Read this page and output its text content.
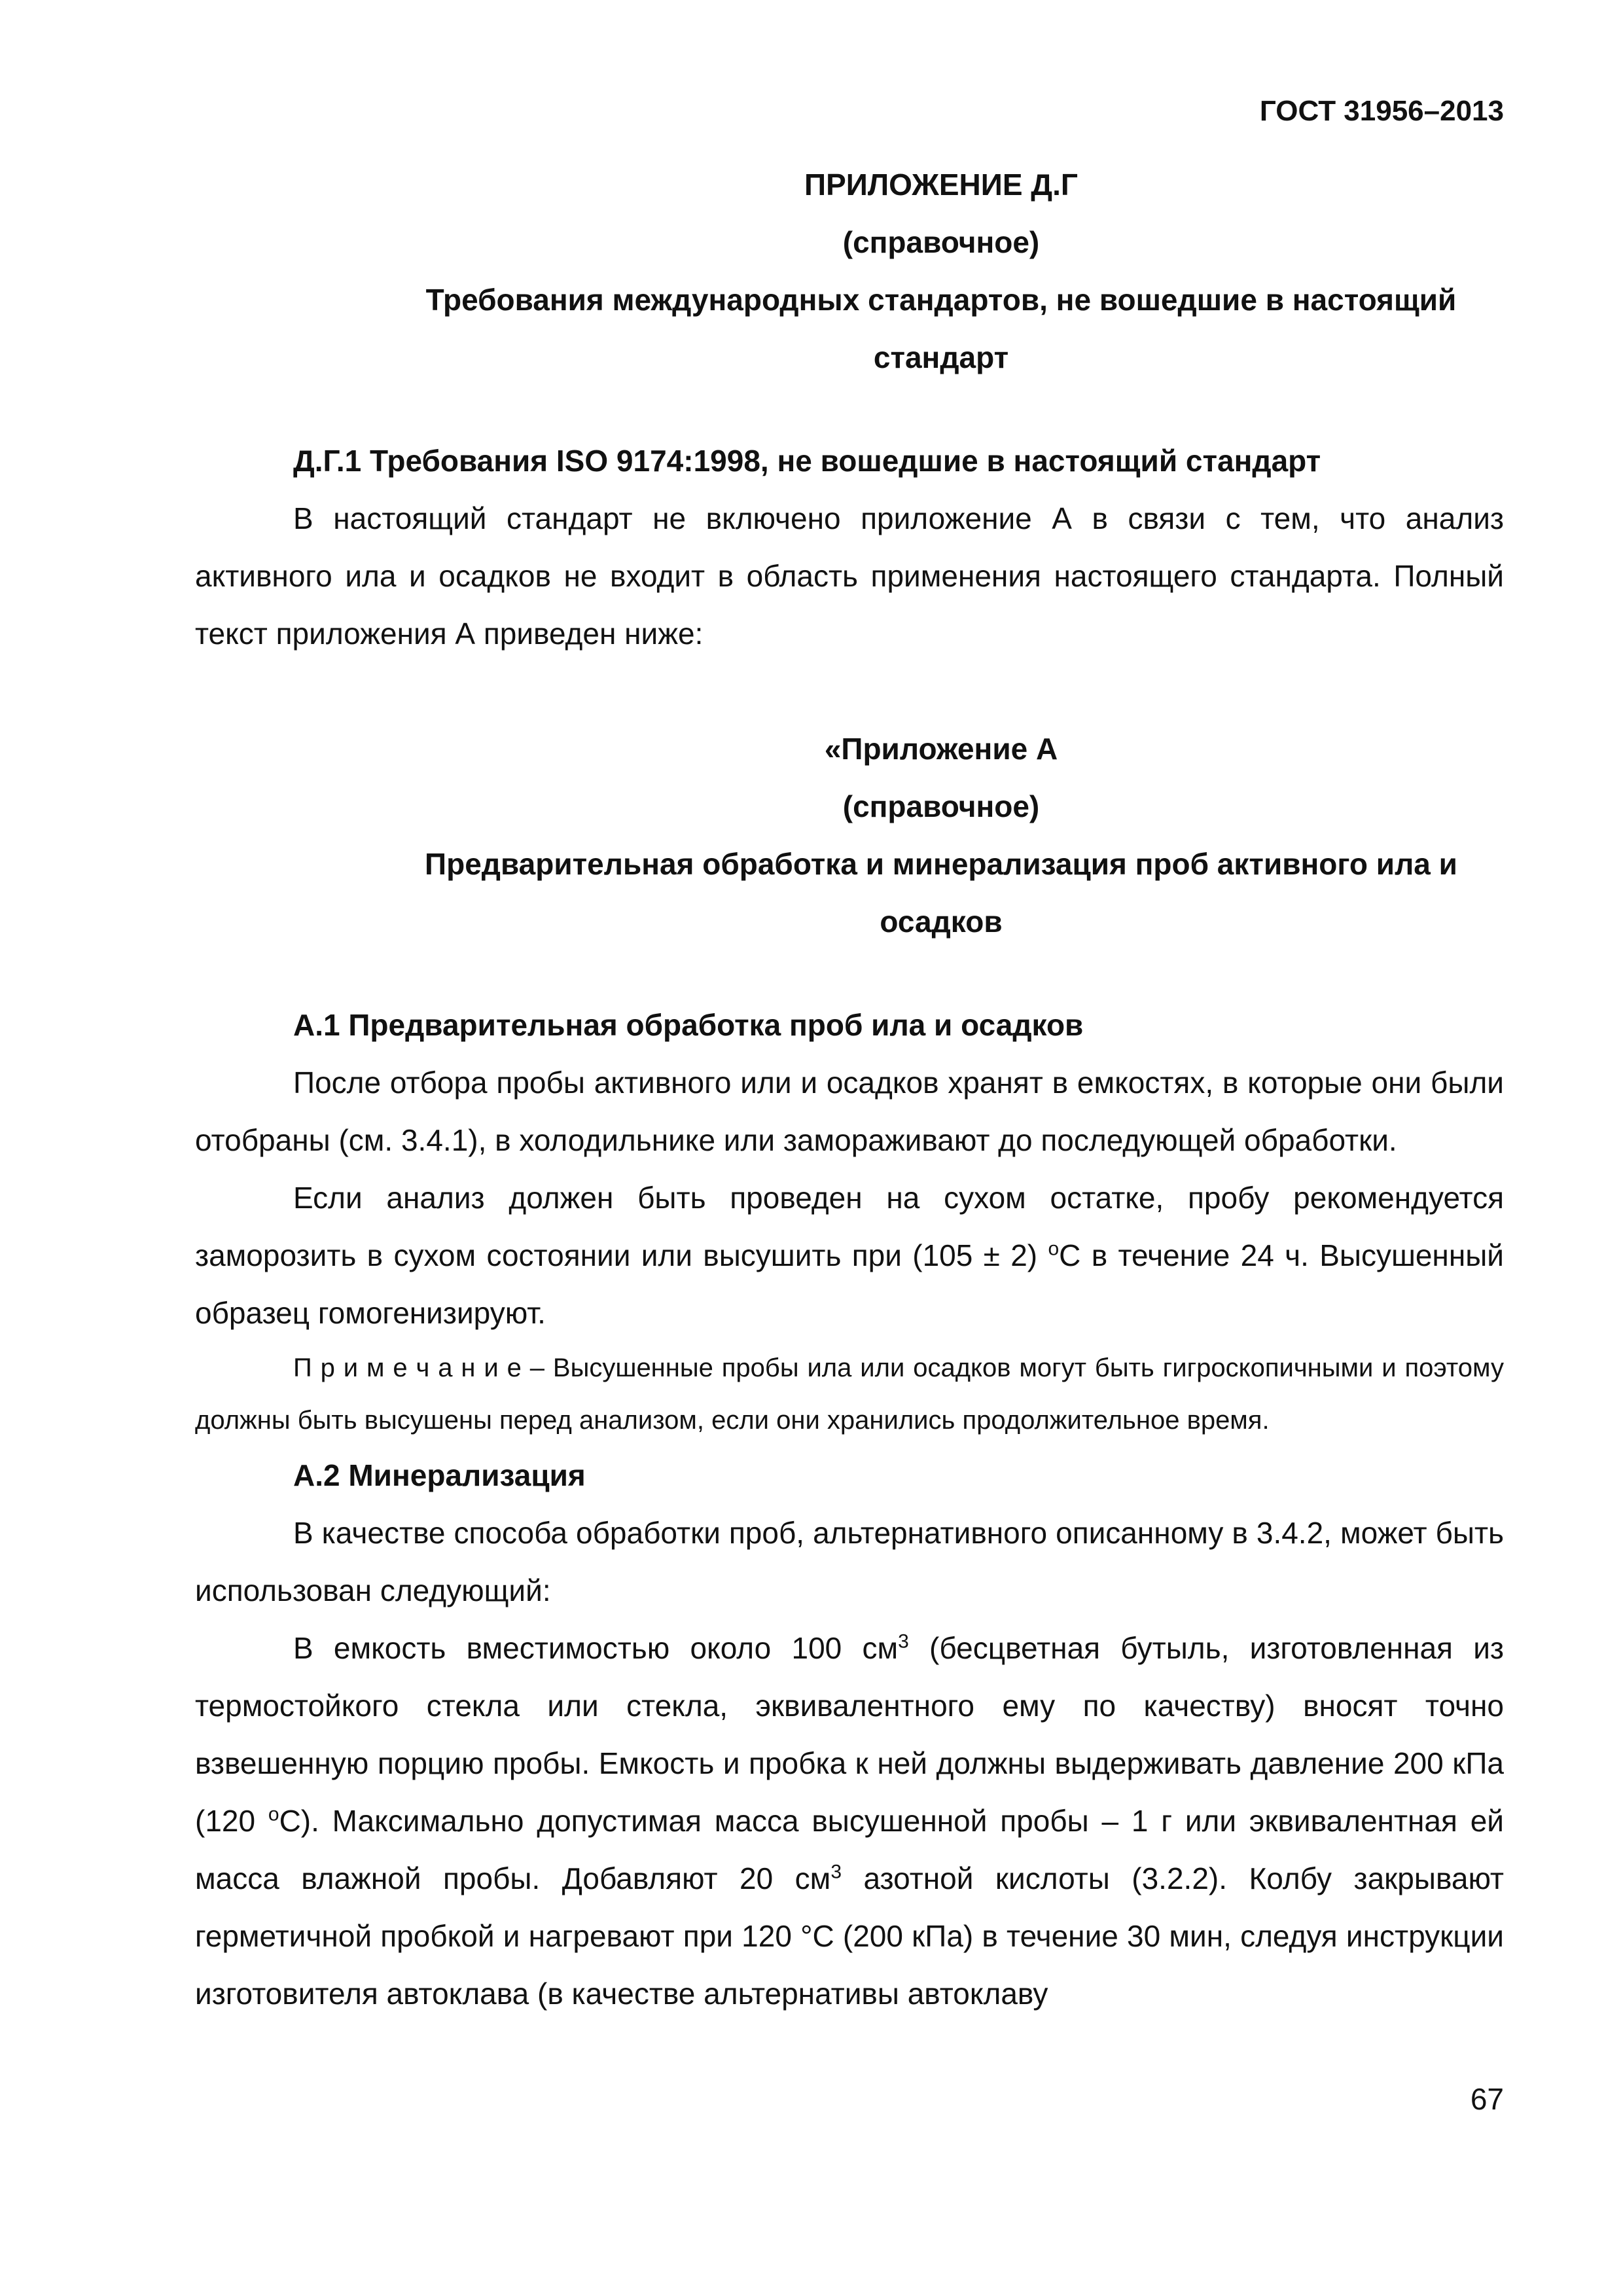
ГОСТ 31956–2013

ПРИЛОЖЕНИЕ Д.Г

(справочное)

Требования международных стандартов, не вошедшие в настоящий

стандарт

Д.Г.1 Требования ISO 9174:1998, не вошедшие в настоящий стандарт

В настоящий стандарт не включено приложение А в связи с тем, что анализ активного ила и осадков не входит в область применения настоящего стандарта. Полный текст приложения А приведен ниже:

«Приложение А

(справочное)

Предварительная обработка и минерализация проб активного ила и

осадков

А.1 Предварительная обработка проб ила и осадков

После отбора пробы активного или и осадков хранят в емкостях, в которые они были отобраны (см. 3.4.1), в холодильнике или замораживают до последующей обработки.

Если анализ должен быть проведен на сухом остатке, пробу рекомендуется заморозить в сухом состоянии или высушить при (105 ± 2) $^о$С в течение 24 ч. Высушенный образец гомогенизируют.

П р и м е ч а н и е – Высушенные пробы ила или осадков могут быть гигроскопичными и поэтому должны быть высушены перед анализом, если они хранились продолжительное время.

А.2 Минерализация

В качестве способа обработки проб, альтернативного описанному в 3.4.2, может быть использован следующий:

В емкость вместимостью около 100 $см^3$ (бесцветная бутыль, изготовленная из термостойкого стекла или стекла, эквивалентного ему по качеству) вносят точно взвешенную порцию пробы. Емкость и пробка к ней должны выдерживать давление 200 кПа (120 $^о$С). Максимально допустимая масса высушенной пробы – 1 г или эквивалентная ей масса влажной пробы. Добавляют 20 $см^3$ азотной кислоты (3.2.2). Колбу закрывают герметичной пробкой и нагревают при 120 °С (200 кПа) в течение 30 мин, следуя инструкции изготовителя автоклава (в качестве альтернативы автоклаву

67
